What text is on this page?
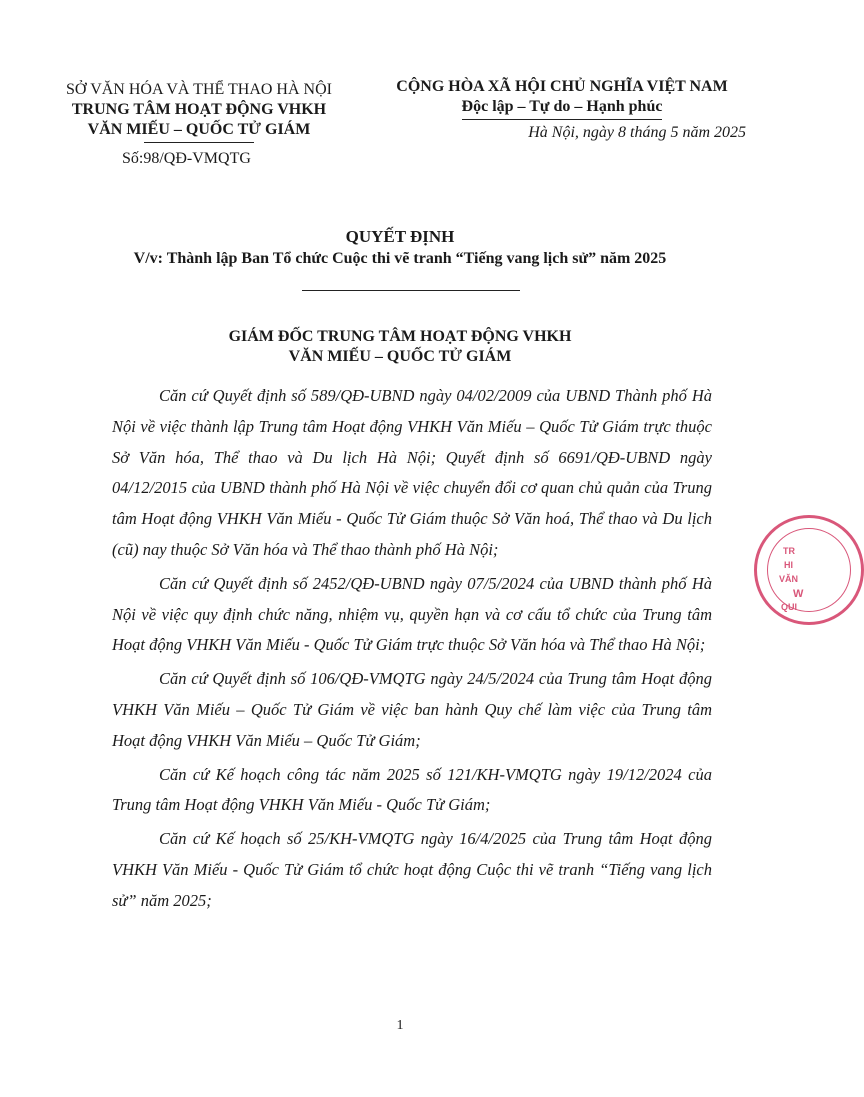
SỞ VĂN HÓA VÀ THỂ THAO HÀ NỘI
TRUNG TÂM HOẠT ĐỘNG VHKH
VĂN MIẾU – QUỐC TỬ GIÁM
Số:98/QĐ-VMQTG
CỘNG HÒA XÃ HỘI CHỦ NGHĨA VIỆT NAM
Độc lập – Tự do – Hạnh phúc
Hà Nội, ngày 8 tháng 5 năm 2025
QUYẾT ĐỊNH
V/v: Thành lập Ban Tổ chức Cuộc thi vẽ tranh “Tiếng vang lịch sử” năm 2025
GIÁM ĐỐC TRUNG TÂM HOẠT ĐỘNG VHKH
VĂN MIẾU – QUỐC TỬ GIÁM

Căn cứ Quyết định số 589/QĐ-UBND ngày 04/02/2009 của UBND Thành phố Hà Nội về việc thành lập Trung tâm Hoạt động VHKH Văn Miếu – Quốc Tử Giám trực thuộc Sở Văn hóa, Thể thao và Du lịch Hà Nội; Quyết định số 6691/QĐ-UBND ngày 04/12/2015 của UBND thành phố Hà Nội về việc chuyển đổi cơ quan chủ quản của Trung tâm Hoạt động VHKH Văn Miếu - Quốc Tử Giám thuộc Sở Văn hoá, Thể thao và Du lịch (cũ) nay thuộc Sở Văn hóa và Thể thao thành phố Hà Nội;

Căn cứ Quyết định số 2452/QĐ-UBND ngày 07/5/2024 của UBND thành phố Hà Nội về việc quy định chức năng, nhiệm vụ, quyền hạn và cơ cấu tổ chức của Trung tâm Hoạt động VHKH Văn Miếu - Quốc Tử Giám trực thuộc Sở Văn hóa và Thể thao Hà Nội;

Căn cứ Quyết định số 106/QĐ-VMQTG ngày 24/5/2024 của Trung tâm Hoạt động VHKH Văn Miếu – Quốc Tử Giám về việc ban hành Quy chế làm việc của Trung tâm Hoạt động VHKH Văn Miếu – Quốc Tử Giám;

Căn cứ Kế hoạch công tác năm 2025 số 121/KH-VMQTG ngày 19/12/2024 của Trung tâm Hoạt động VHKH Văn Miếu - Quốc Tử Giám;

Căn cứ Kế hoạch số 25/KH-VMQTG ngày 16/4/2025 của Trung tâm Hoạt động VHKH Văn Miếu - Quốc Tử Giám tổ chức hoạt động Cuộc thi vẽ tranh “Tiếng vang lịch sử” năm 2025;

1
TR
HI
VĂN
W
QUI
